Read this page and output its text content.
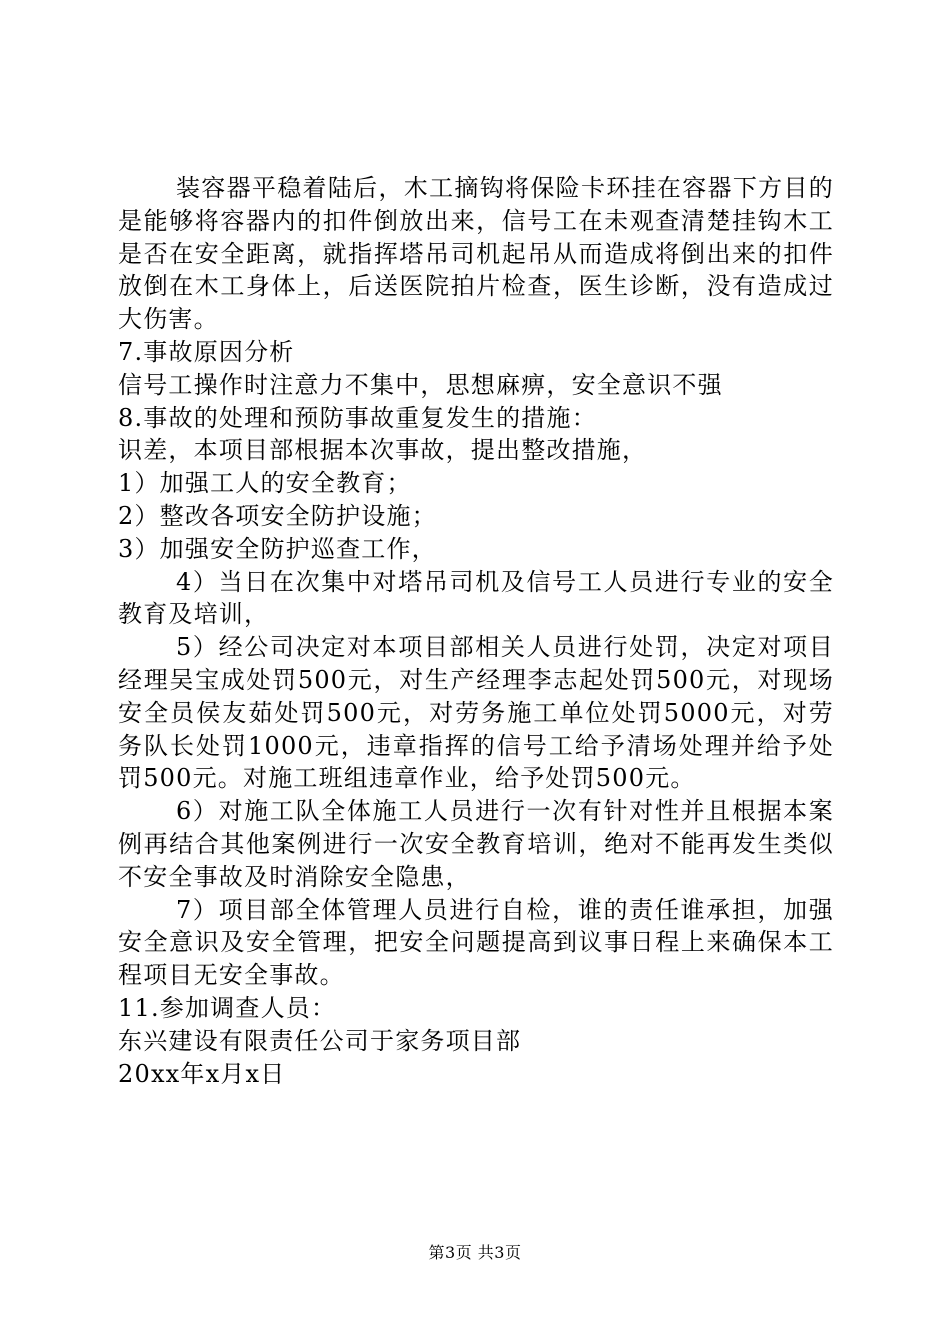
装容器平稳着陆后，木工摘钩将保险卡环挂在容器下方目的是能够将容器内的扣件倒放出来，信号工在未观查清楚挂钩木工是否在安全距离，就指挥塔吊司机起吊从而造成将倒出来的扣件放倒在木工身体上，后送医院拍片检查，医生诊断，没有造成过大伤害。

7.事故原因分析

信号工操作时注意力不集中，思想麻痹，安全意识不强

8.事故的处理和预防事故重复发生的措施：

识差，本项目部根据本次事故，提出整改措施，

1）加强工人的安全教育；

2）整改各项安全防护设施；

3）加强安全防护巡查工作，

4）当日在次集中对塔吊司机及信号工人员进行专业的安全教育及培训，

5）经公司决定对本项目部相关人员进行处罚，决定对项目经理吴宝成处罚500元，对生产经理李志起处罚500元，对现场安全员侯友茹处罚500元，对劳务施工单位处罚5000元，对劳务队长处罚1000元，违章指挥的信号工给予清场处理并给予处罚500元。对施工班组违章作业，给予处罚500元。

6）对施工队全体施工人员进行一次有针对性并且根据本案例再结合其他案例进行一次安全教育培训，绝对不能再发生类似不安全事故及时消除安全隐患，

7）项目部全体管理人员进行自检，谁的责任谁承担，加强安全意识及安全管理，把安全问题提高到议事日程上来确保本工程项目无安全事故。

11.参加调查人员：

东兴建设有限责任公司于家务项目部

20xx年x月x日

第3页 共3页
